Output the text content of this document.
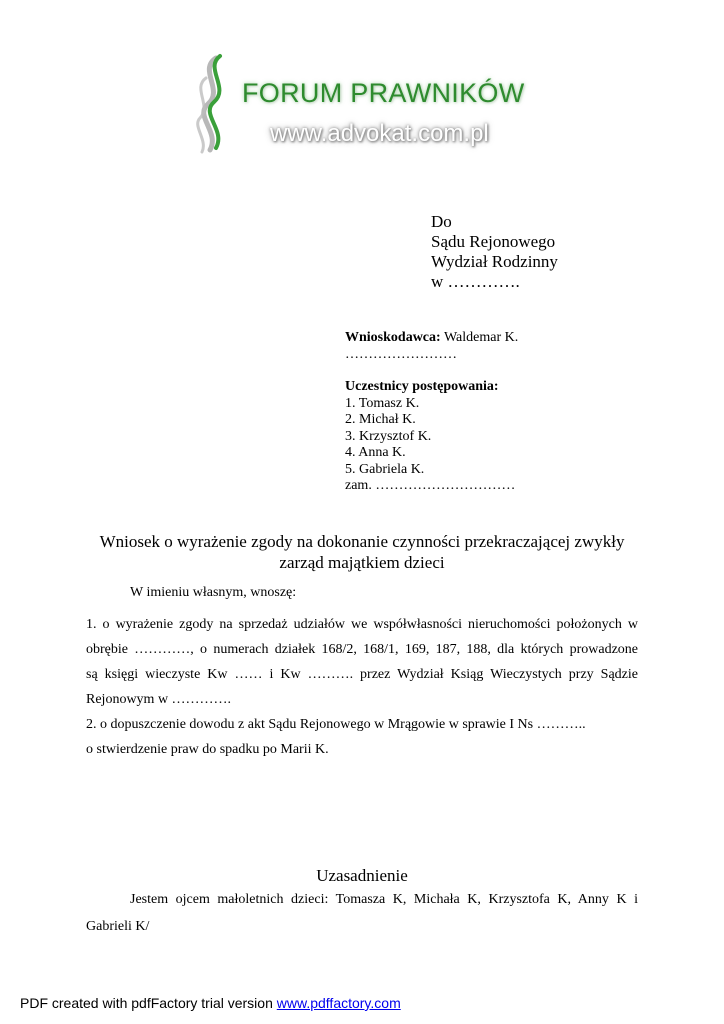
FORUM PRAWNIKÓW
www.advokat.com.pl
Do
Sądu Rejonowego
Wydział Rodzinny
w ………….
Wnioskodawca: Waldemar K.
……………………
Uczestnicy postępowania:
1. Tomasz K.
2. Michał K.
3. Krzysztof K.
4. Anna K.
5. Gabriela K.
zam. …………………………
Wniosek o wyrażenie zgody na dokonanie czynności przekraczającej zwykły
zarząd majątkiem dzieci
W imieniu własnym, wnoszę:
1. o wyrażenie zgody na sprzedaż udziałów we współwłasności nieruchomości położonych w
obrębie …………, o numerach działek 168/2, 168/1, 169, 187, 188, dla których prowadzone
są księgi wieczyste Kw …… i Kw ………. przez Wydział Ksiąg Wieczystych przy Sądzie
Rejonowym w ………….
2. o dopuszczenie dowodu z akt Sądu Rejonowego w Mrągowie w sprawie I Ns ………..
o stwierdzenie praw do spadku po Marii K.
Uzasadnienie
Jestem ojcem małoletnich dzieci: Tomasza K, Michała K, Krzysztofa K, Anny K i
Gabrieli K/
PDF created with pdfFactory trial version www.pdffactory.com
